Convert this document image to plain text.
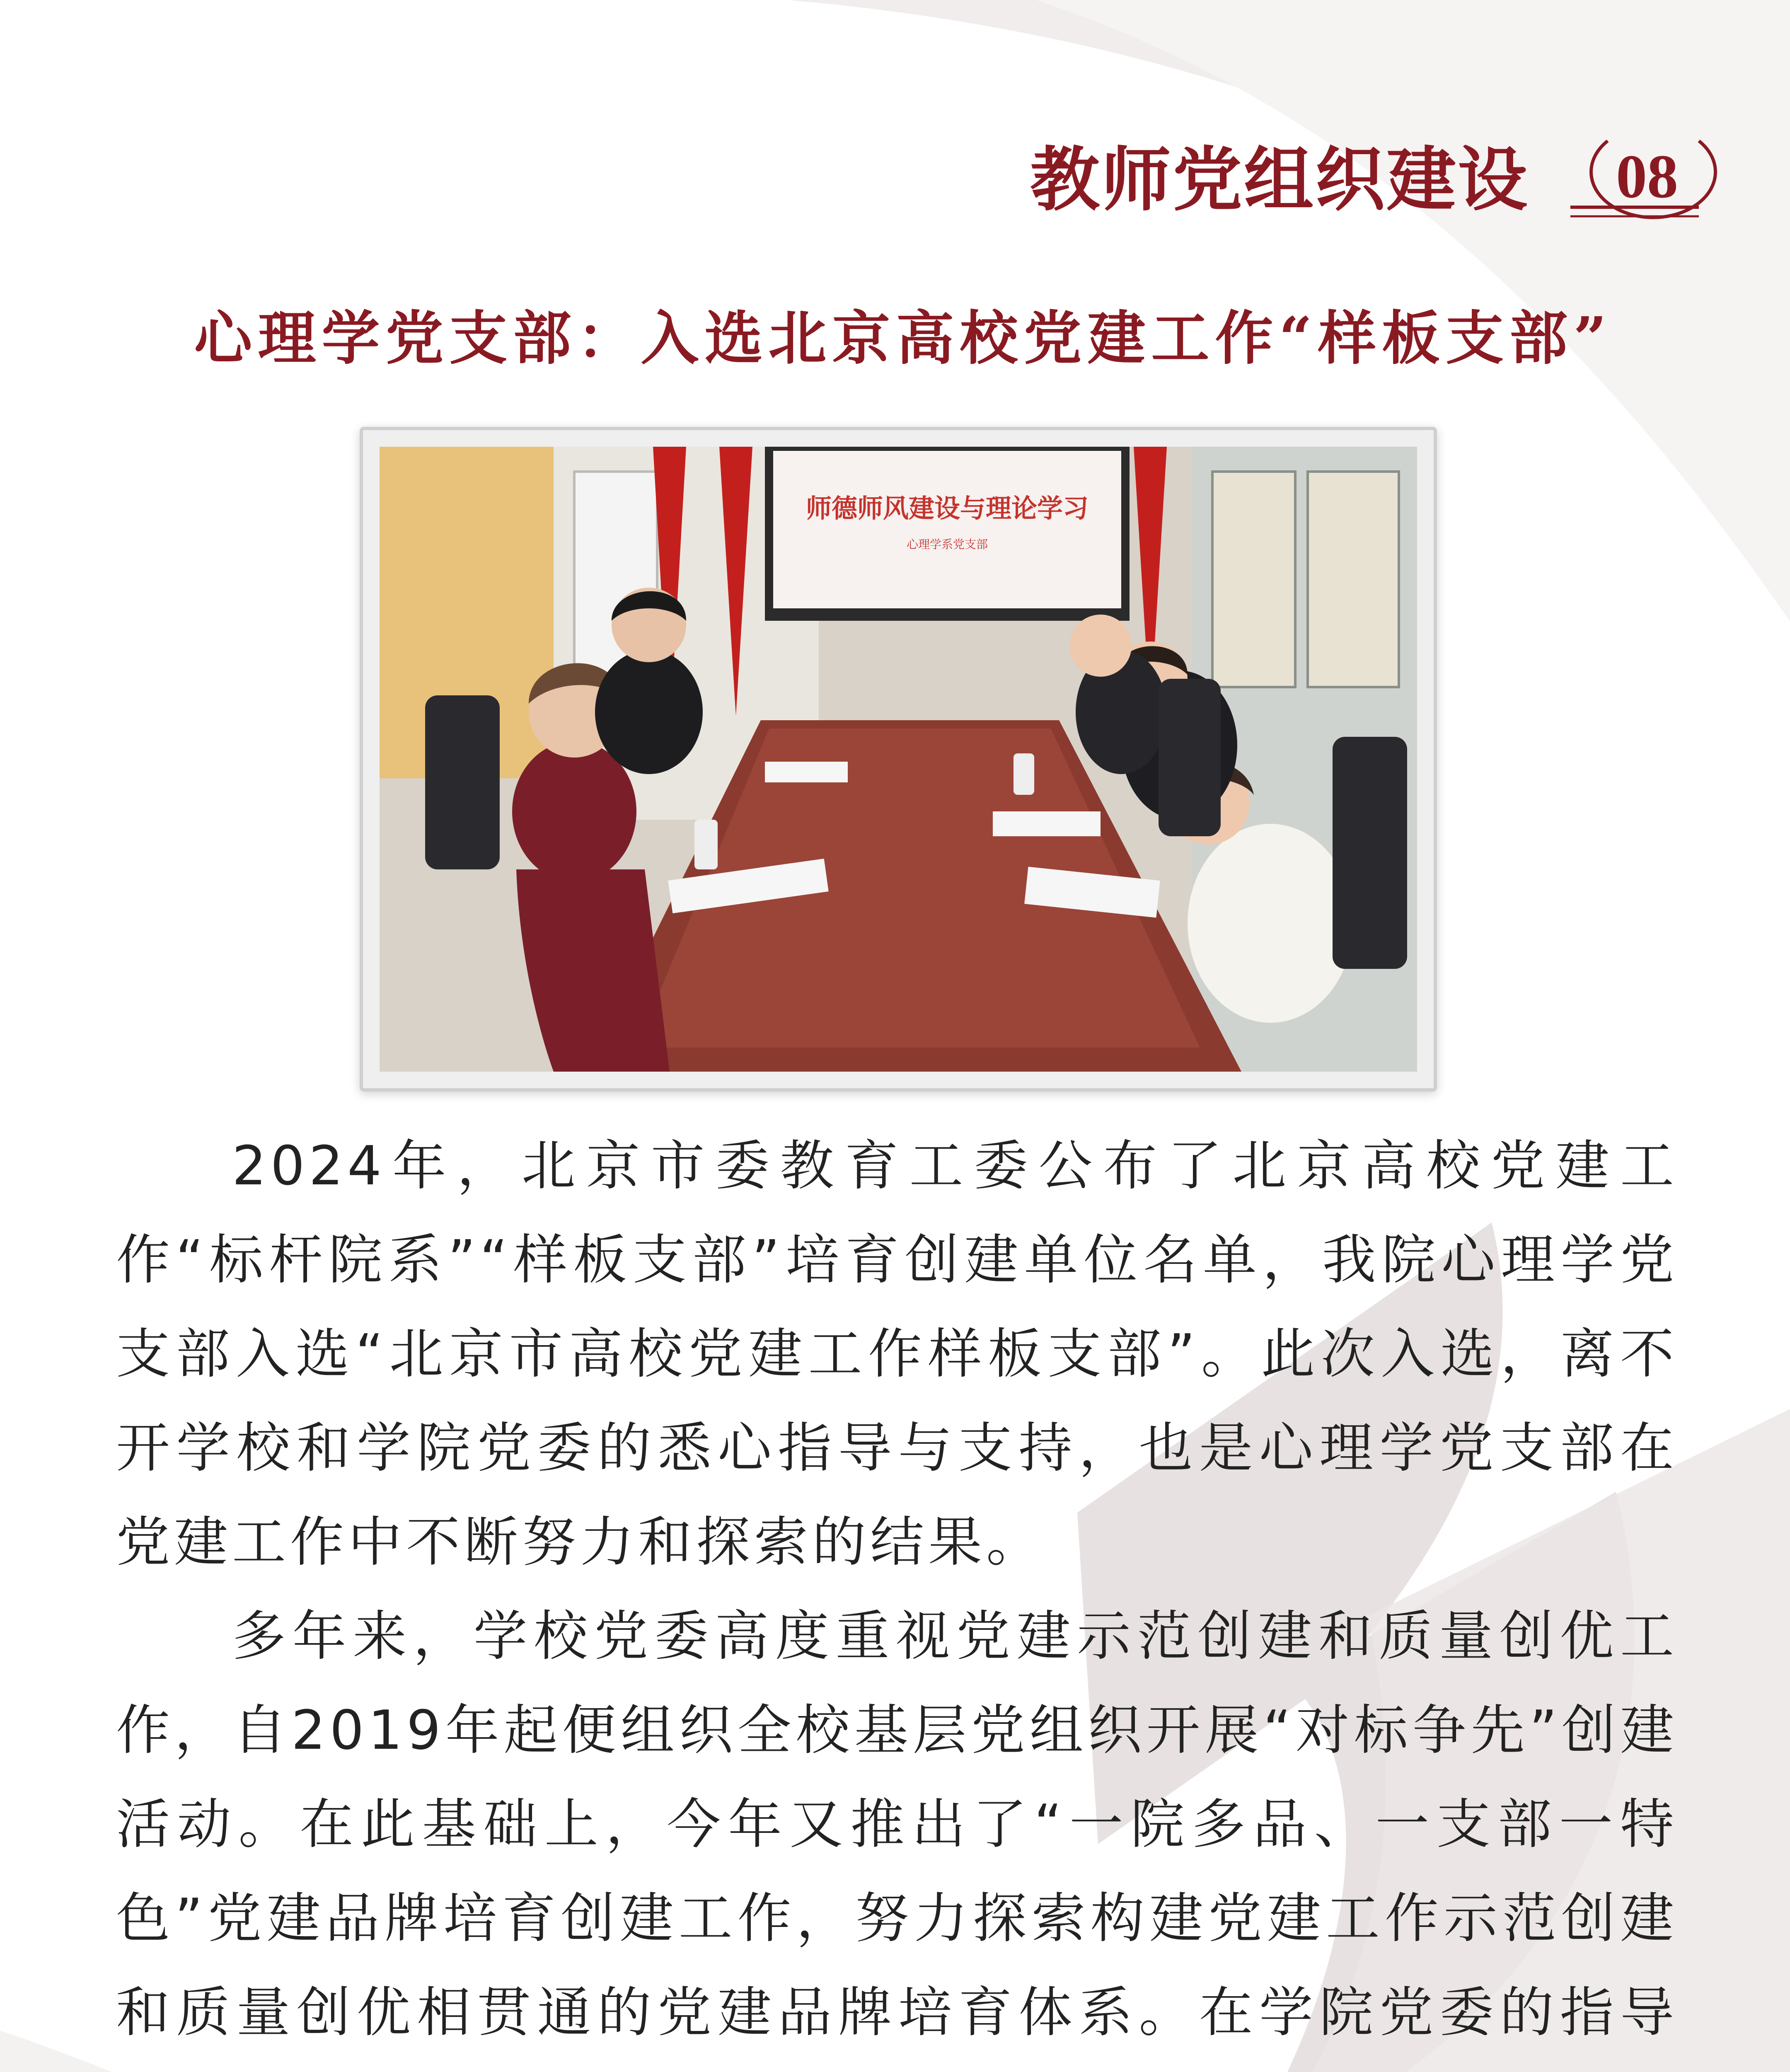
教师党组织建设 08
心理学党支部：入选北京高校党建工作“样板支部”
师德师风建设与理论学习
心理学系党支部

2024年，北京市委教育工委公布了北京高校党建工作“标杆院系”“样板支部”培育创建单位名单，我院心理学党支部入选“北京市高校党建工作样板支部”。此次入选，离不开学校和学院党委的悉心指导与支持，也是心理学党支部在党建工作中不断努力和探索的结果。

多年来，学校党委高度重视党建示范创建和质量创优工作，自2019年起便组织全校基层党组织开展“对标争先”创建活动。在此基础上，今年又推出了“一院多品、一支部一特色”党建品牌培育创建工作，努力探索构建党建工作示范创建和质量创优相贯通的党建品牌培育体系。在学院党委的指导
